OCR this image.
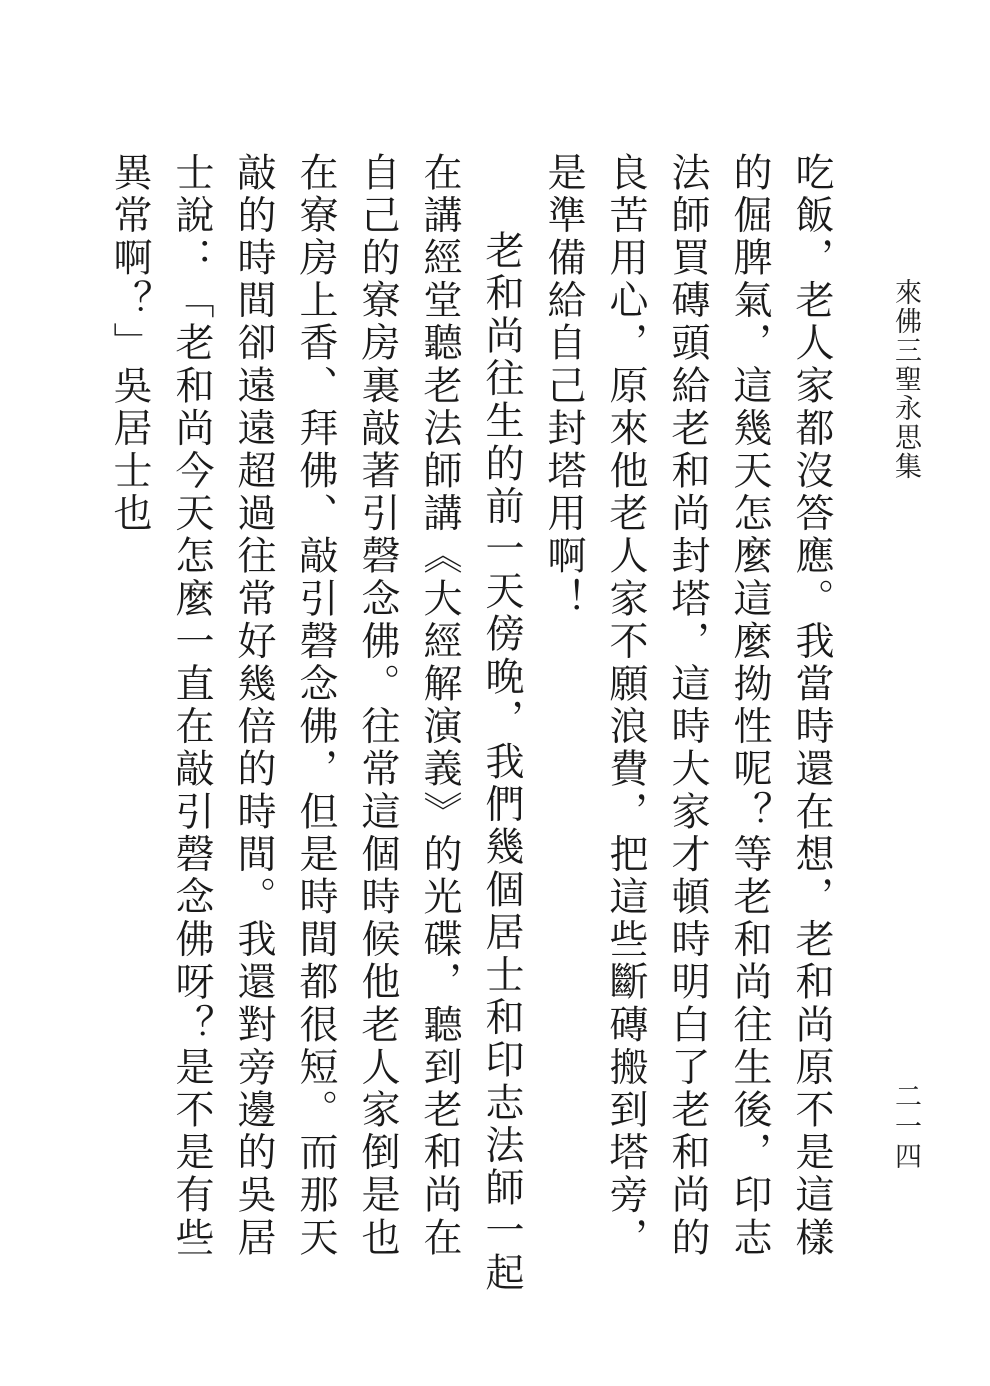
來佛三聖永思集
二一四

吃飯，老人家都沒答應。我當時還在想，老和尚原不是這樣的倔脾氣，這幾天怎麼這麼拗性呢？等老和尚往生後，印志法師買磚頭給老和尚封塔，這時大家才頓時明白了老和尚的良苦用心，原來他老人家不願浪費，把這些斷磚搬到塔旁，是準備給自己封塔用啊！

老和尚往生的前一天傍晚，我們幾個居士和印志法師一起在講經堂聽老法師講《大經解演義》的光碟，聽到老和尚在自己的寮房裏敲著引磬念佛。往常這個時候他老人家倒是也在寮房上香、拜佛、敲引磬念佛，但是時間都很短。而那天敲的時間卻遠遠超過往常好幾倍的時間。我還對旁邊的吳居士說：「老和尚今天怎麼一直在敲引磬念佛呀？是不是有些異常啊？」吳居士也
